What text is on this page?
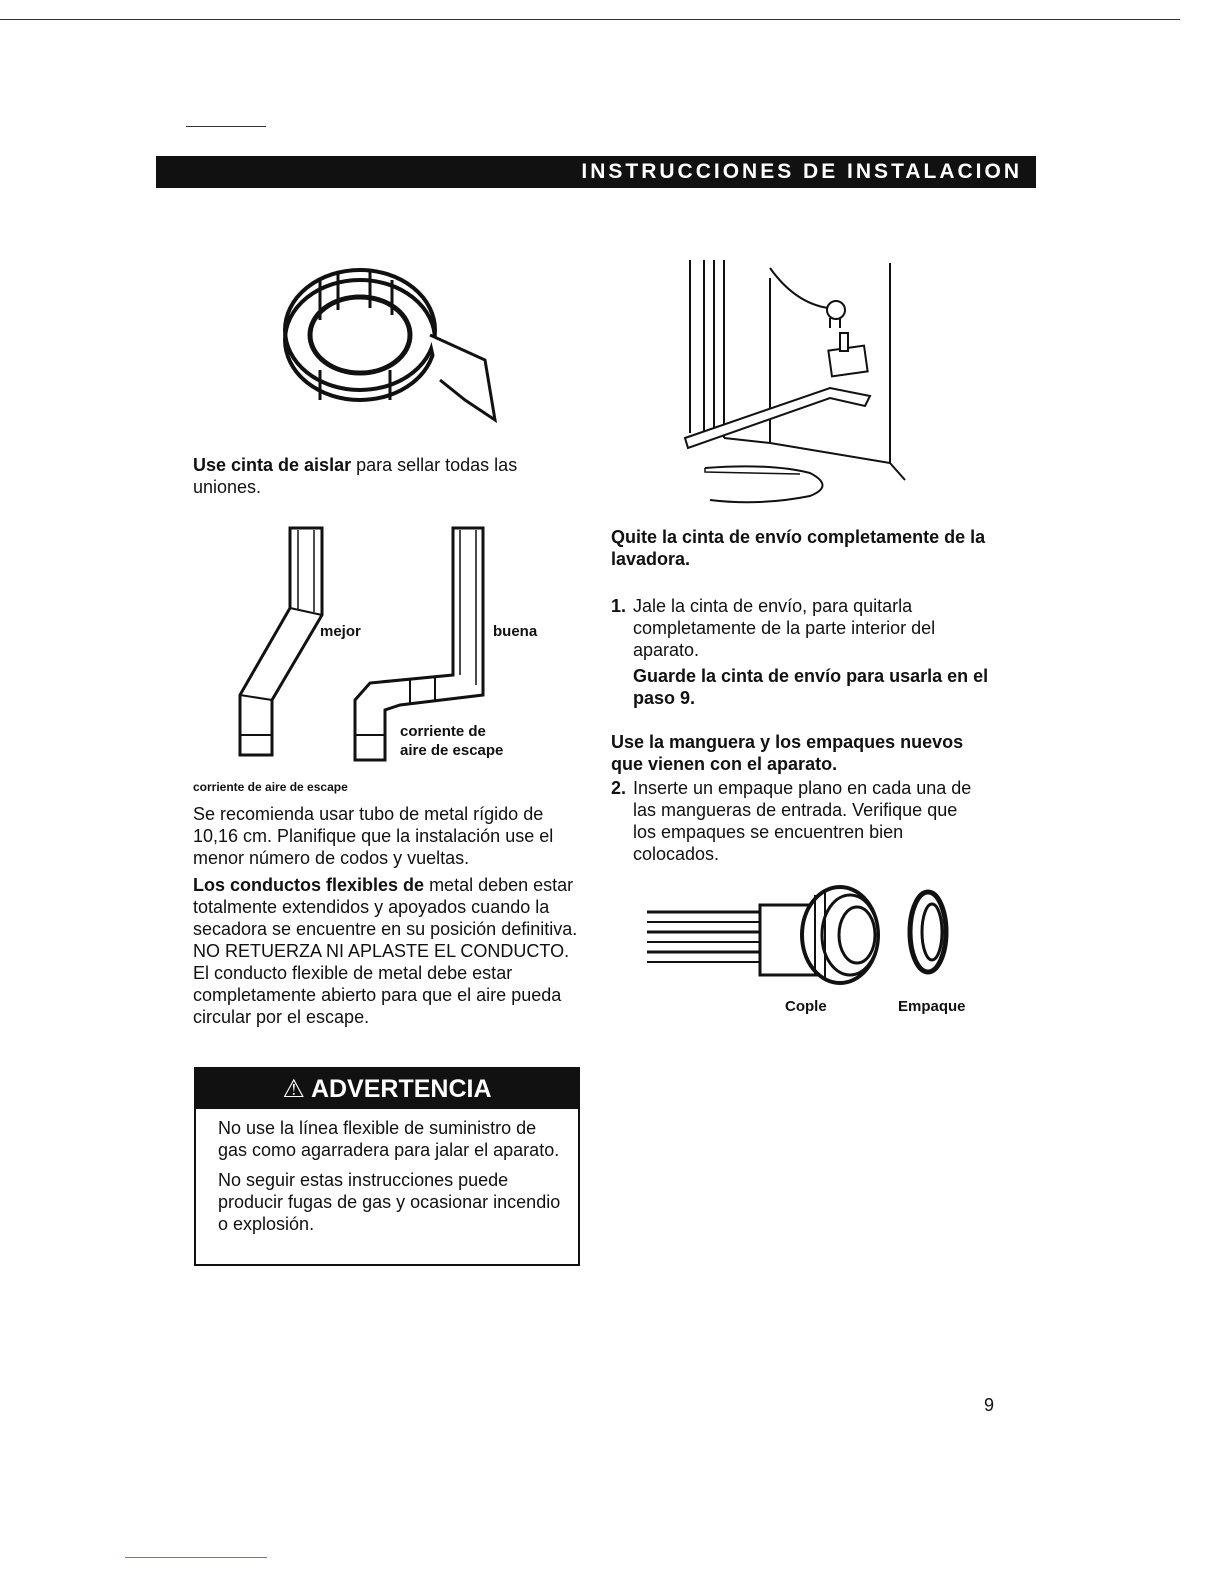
INSTRUCCIONES DE INSTALACION
Use cinta de aislar para sellar todas las uniones.
mejor	buena
corriente de
aire de escape
corriente de aire de escape
Se recomienda usar tubo de metal rígido de 10,16 cm. Planifique que la instalación use el menor número de codos y vueltas.
Los conductos flexibles de metal deben estar totalmente extendidos y apoyados cuando la secadora se encuentre en su posición definitiva. NO RETUERZA NI APLASTE EL CONDUCTO. El conducto flexible de metal debe estar completamente abierto para que el aire pueda circular por el escape.
⚠ ADVERTENCIA

No use la línea flexible de suministro de gas como agarradera para jalar el aparato.

No seguir estas instrucciones puede producir fugas de gas y ocasionar incendio o explosión.

Quite la cinta de envío completamente de la lavadora.
1. Jale la cinta de envío, para quitarla completamente de la parte interior del aparato.
Guarde la cinta de envío para usarla en el paso 9.
Use la manguera y los empaques nuevos que vienen con el aparato.
2. Inserte un empaque plano en cada una de las mangueras de entrada. Verifique que los empaques se encuentren bien colocados.
Cople	Empaque
9
